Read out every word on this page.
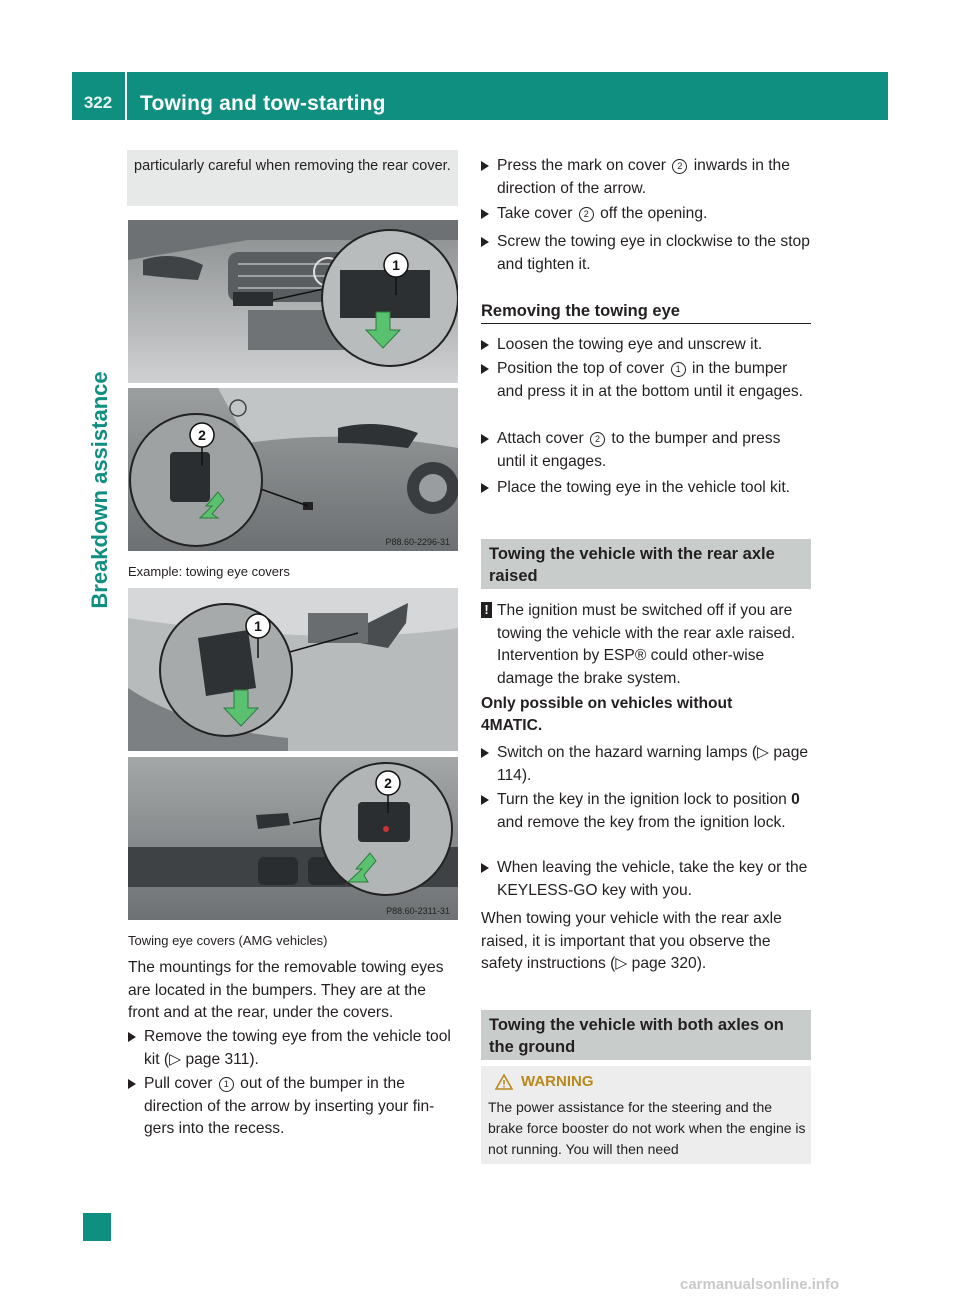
322	Towing and tow-starting
Breakdown assistance
particularly careful when removing the rear cover.
1
2
P88.60-2296-31
Example: towing eye covers
1
2
P88.60-2311-31
Towing eye covers (AMG vehicles)
The mountings for the removable towing eyes are located in the bumpers. They are at the front and at the rear, under the covers.
Remove the towing eye from the vehicle tool kit (▷ page 311).
Pull cover 1 out of the bumper in the direction of the arrow by inserting your fin-gers into the recess.
Press the mark on cover 2 inwards in the direction of the arrow.
Take cover 2 off the opening.
Screw the towing eye in clockwise to the stop and tighten it.
Removing the towing eye
Loosen the towing eye and unscrew it.
Position the top of cover 1 in the bumper and press it in at the bottom until it engages.
Attach cover 2 to the bumper and press until it engages.
Place the towing eye in the vehicle tool kit.
Towing the vehicle with the rear axle raised
! The ignition must be switched off if you are towing the vehicle with the rear axle raised. Intervention by ESP® could other-wise damage the brake system.
Only possible on vehicles without 4MATIC.
Switch on the hazard warning lamps (▷ page 114).
Turn the key in the ignition lock to position 0 and remove the key from the ignition lock.
When leaving the vehicle, take the key or the KEYLESS-GO key with you.
When towing your vehicle with the rear axle raised, it is important that you observe the safety instructions (▷ page 320).
Towing the vehicle with both axles on the ground
WARNING
The power assistance for the steering and the brake force booster do not work when the engine is not running. You will then need
carmanualsonline.info
